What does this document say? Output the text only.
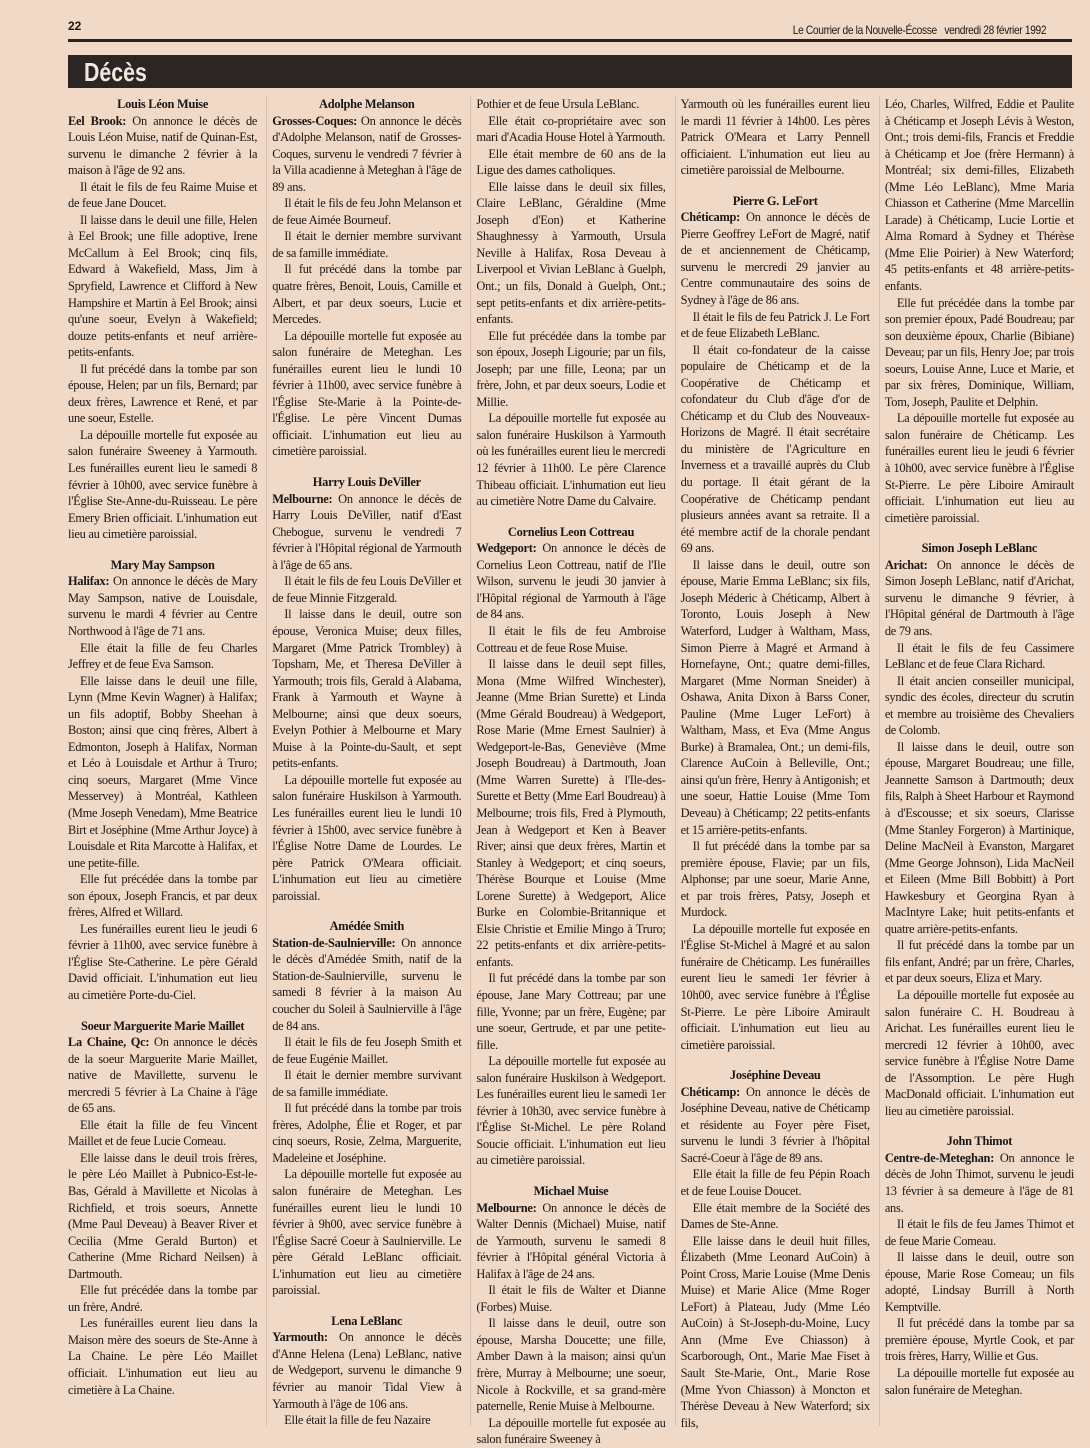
22	Le Courrier de la Nouvelle-Écosse vendredi 28 février 1992
Décès
Louis Léon Muise
Eel Brook: On annonce le décès de Louis Léon Muise, natif de Quinan-Est, survenu le dimanche 2 février à la maison à l'âge de 92 ans.
Il était le fils de feu Raime Muise et de feue Jane Doucet.
Il laisse dans le deuil une fille, Helen à Eel Brook; une fille adoptive, Irene McCallum à Eel Brook; cinq fils, Edward à Wakefield, Mass, Jim à Spryfield, Lawrence et Clifford à New Hampshire et Martin à Eel Brook; ainsi qu'une soeur, Evelyn à Wakefield; douze petits-enfants et neuf arrière-petits-enfants.
Il fut précédé dans la tombe par son épouse, Helen; par un fils, Bernard; par deux frères, Lawrence et René, et par une soeur, Estelle.
La dépouille mortelle fut exposée au salon funéraire Sweeney à Yarmouth. Les funérailles eurent lieu le samedi 8 février à 10h00, avec service funèbre à l'Église Ste-Anne-du-Ruisseau. Le père Emery Brien officiait. L'inhumation eut lieu au cimetière paroissial.
Mary May Sampson
Halifax: On annonce le décès de Mary May Sampson, native de Louisdale, survenu le mardi 4 février au Centre Northwood à l'âge de 71 ans.
Elle était la fille de feu Charles Jeffrey et de feue Eva Samson.
Elle laisse dans le deuil une fille, Lynn (Mme Kevin Wagner) à Halifax; un fils adoptif, Bobby Sheehan à Boston; ainsi que cinq frères, Albert à Edmonton, Joseph à Halifax, Norman et Léo à Louisdale et Arthur à Truro; cinq soeurs, Margaret (Mme Vince Messervey) à Montréal, Kathleen (Mme Joseph Venedam), Mme Beatrice Birt et Joséphine (Mme Arthur Joyce) à Louisdale et Rita Marcotte à Halifax, et une petite-fille.
Elle fut précédée dans la tombe par son époux, Joseph Francis, et par deux frères, Alfred et Willard.
Les funérailles eurent lieu le jeudi 6 février à 11h00, avec service funèbre à l'Église Ste-Catherine. Le père Gérald David officiait. L'inhumation eut lieu au cimetière Porte-du-Ciel.
Soeur Marguerite Marie Maillet
La Chaine, Qc: On annonce le décès de la soeur Marguerite Marie Maillet, native de Mavillette, survenu le mercredi 5 février à La Chaine à l'âge de 65 ans.
Elle était la fille de feu Vincent Maillet et de feue Lucie Comeau.
Elle laisse dans le deuil trois frères, le père Léo Maillet à Pubnico-Est-le-Bas, Gérald à Mavillette et Nicolas à Richfield, et trois soeurs, Annette (Mme Paul Deveau) à Beaver River et Cecilia (Mme Gerald Burton) et Catherine (Mme Richard Neilsen) à Dartmouth.
Elle fut précédée dans la tombe par un frère, André.
Les funérailles eurent lieu dans la Maison mère des soeurs de Ste-Anne à La Chaine. Le père Léo Maillet officiait. L'inhumation eut lieu au cimetière à La Chaine.
Adolphe Melanson
Grosses-Coques: On annonce le décès d'Adolphe Melanson, natif de Grosses-Coques, survenu le vendredi 7 février à la Villa acadienne à Meteghan à l'âge de 89 ans.
Il était le fils de feu John Melanson et de feue Aimée Bourneuf.
Il était le dernier membre survivant de sa famille immédiate.
Il fut précédé dans la tombe par quatre frères, Benoit, Louis, Camille et Albert, et par deux soeurs, Lucie et Mercedes.
La dépouille mortelle fut exposée au salon funéraire de Meteghan. Les funérailles eurent lieu le lundi 10 février à 11h00, avec service funèbre à l'Église Ste-Marie à la Pointe-de-l'Église. Le père Vincent Dumas officiait. L'inhumation eut lieu au cimetière paroissial.
Harry Louis DeViller
Melbourne: On annonce le décès de Harry Louis DeViller, natif d'East Chebogue, survenu le vendredi 7 février à l'Hôpital régional de Yarmouth à l'âge de 65 ans.
Il était le fils de feu Louis DeViller et de feue Minnie Fitzgerald.
Il laisse dans le deuil, outre son épouse, Veronica Muise; deux filles, Margaret (Mme Patrick Trombley) à Topsham, Me, et Theresa DeViller à Yarmouth; trois fils, Gerald à Alabama, Frank à Yarmouth et Wayne à Melbourne; ainsi que deux soeurs, Evelyn Pothier à Melbourne et Mary Muise à la Pointe-du-Sault, et sept petits-enfants.
La dépouille mortelle fut exposée au salon funéraire Huskilson à Yarmouth. Les funérailles eurent lieu le lundi 10 février à 15h00, avec service funèbre à l'Église Notre Dame de Lourdes. Le père Patrick O'Meara officiait. L'inhumation eut lieu au cimetière paroissial.
Amédée Smith
Station-de-Saulnierville: On annonce le décès d'Amédée Smith, natif de la Station-de-Saulnierville, survenu le samedi 8 février à la maison Au coucher du Soleil à Saulnierville à l'âge de 84 ans.
Il était le fils de feu Joseph Smith et de feue Eugénie Maillet.
Il était le dernier membre survivant de sa famille immédiate.
Il fut précédé dans la tombe par trois frères, Adolphe, Élie et Roger, et par cinq soeurs, Rosie, Zelma, Marguerite, Madeleine et Joséphine.
La dépouille mortelle fut exposée au salon funéraire de Meteghan. Les funérailles eurent lieu le lundi 10 février à 9h00, avec service funèbre à l'Église Sacré Coeur à Saulnierville. Le père Gérald LeBlanc officiait. L'inhumation eut lieu au cimetière paroissial.
Lena LeBlanc
Yarmouth: On annonce le décès d'Anne Helena (Lena) LeBlanc, native de Wedgeport, survenu le dimanche 9 février au manoir Tidal View à Yarmouth à l'âge de 106 ans.
Elle était la fille de feu Nazaire
Pothier et de feue Ursula LeBlanc.
Elle était co-propriétaire avec son mari d'Acadia House Hotel à Yarmouth.
Elle était membre de 60 ans de la Ligue des dames catholiques.
Elle laisse dans le deuil six filles, Claire LeBlanc, Géraldine (Mme Joseph d'Eon) et Katherine Shaughnessy à Yarmouth, Ursula Neville à Halifax, Rosa Deveau à Liverpool et Vivian LeBlanc à Guelph, Ont.; un fils, Donald à Guelph, Ont.; sept petits-enfants et dix arrière-petits-enfants.
Elle fut précédée dans la tombe par son époux, Joseph Ligourie; par un fils, Joseph; par une fille, Leona; par un frère, John, et par deux soeurs, Lodie et Millie.
La dépouille mortelle fut exposée au salon funéraire Huskilson à Yarmouth où les funérailles eurent lieu le mercredi 12 février à 11h00. Le père Clarence Thibeau officiait. L'inhumation eut lieu au cimetière Notre Dame du Calvaire.
Cornelius Leon Cottreau
Wedgeport: On annonce le décès de Cornelius Leon Cottreau, natif de l'Ile Wilson, survenu le jeudi 30 janvier à l'Hôpital régional de Yarmouth à l'âge de 84 ans.
Il était le fils de feu Ambroise Cottreau et de feue Rose Muise.
Il laisse dans le deuil sept filles, Mona (Mme Wilfred Winchester), Jeanne (Mme Brian Surette) et Linda (Mme Gérald Boudreau) à Wedgeport, Rose Marie (Mme Ernest Saulnier) à Wedgeport-le-Bas, Geneviève (Mme Joseph Boudreau) à Dartmouth, Joan (Mme Warren Surette) à l'Ile-des-Surette et Betty (Mme Earl Boudreau) à Melbourne; trois fils, Fred à Plymouth, Jean à Wedgeport et Ken à Beaver River; ainsi que deux frères, Martin et Stanley à Wedgeport; et cinq soeurs, Thérèse Bourque et Louise (Mme Lorene Surette) à Wedgeport, Alice Burke en Colombie-Britannique et Elsie Christie et Emilie Mingo à Truro; 22 petits-enfants et dix arrière-petits-enfants.
Il fut précédé dans la tombe par son épouse, Jane Mary Cottreau; par une fille, Yvonne; par un frère, Eugène; par une soeur, Gertrude, et par une petite-fille.
La dépouille mortelle fut exposée au salon funéraire Huskilson à Wedgeport. Les funérailles eurent lieu le samedi 1er février à 10h30, avec service funèbre à l'Église St-Michel. Le père Roland Soucie officiait. L'inhumation eut lieu au cimetière paroissial.
Michael Muise
Melbourne: On annonce le décès de Walter Dennis (Michael) Muise, natif de Yarmouth, survenu le samedi 8 février à l'Hôpital général Victoria à Halifax à l'âge de 24 ans.
Il était le fils de Walter et Dianne (Forbes) Muise.
Il laisse dans le deuil, outre son épouse, Marsha Doucette; une fille, Amber Dawn à la maison; ainsi qu'un frère, Murray à Melbourne; une soeur, Nicole à Rockville, et sa grand-mère paternelle, Renie Muise à Melbourne.
La dépouille mortelle fut exposée au salon funéraire Sweeney à
Yarmouth où les funérailles eurent lieu le mardi 11 février à 14h00. Les pères Patrick O'Meara et Larry Pennell officiaient. L'inhumation eut lieu au cimetière paroissial de Melbourne.
Pierre G. LeFort
Chéticamp: On annonce le décès de Pierre Geoffrey LeFort de Magré, natif de et anciennement de Chéticamp, survenu le mercredi 29 janvier au Centre communautaire des soins de Sydney à l'âge de 86 ans.
Il était le fils de feu Patrick J. Le Fort et de feue Elizabeth LeBlanc.
Il était co-fondateur de la caisse populaire de Chéticamp et de la Coopérative de Chéticamp et cofondateur du Club d'âge d'or de Chéticamp et du Club des Nouveaux-Horizons de Magré. Il était secrétaire du ministère de l'Agriculture en Inverness et a travaillé auprès du Club du portage. Il était gérant de la Coopérative de Chéticamp pendant plusieurs années avant sa retraite. Il a été membre actif de la chorale pendant 69 ans.
Il laisse dans le deuil, outre son épouse, Marie Emma LeBlanc; six fils, Joseph Méderic à Chéticamp, Albert à Toronto, Louis Joseph à New Waterford, Ludger à Waltham, Mass, Simon Pierre à Magré et Armand à Hornefayne, Ont.; quatre demi-filles, Margaret (Mme Norman Sneider) à Oshawa, Anita Dixon à Barss Coner, Pauline (Mme Luger LeFort) à Waltham, Mass, et Eva (Mme Angus Burke) à Bramalea, Ont.; un demi-fils, Clarence AuCoin à Belleville, Ont.; ainsi qu'un frère, Henry à Antigonish; et une soeur, Hattie Louise (Mme Tom Deveau) à Chéticamp; 22 petits-enfants et 15 arrière-petits-enfants.
Il fut précédé dans la tombe par sa première épouse, Flavie; par un fils, Alphonse; par une soeur, Marie Anne, et par trois frères, Patsy, Joseph et Murdock.
La dépouille mortelle fut exposée en l'Église St-Michel à Magré et au salon funéraire de Chéticamp. Les funérailles eurent lieu le samedi 1er février à 10h00, avec service funèbre à l'Église St-Pierre. Le père Liboire Amirault officiait. L'inhumation eut lieu au cimetière paroissial.
Joséphine Deveau
Chéticamp: On annonce le décès de Joséphine Deveau, native de Chéticamp et résidente au Foyer père Fiset, survenu le lundi 3 février à l'hôpital Sacré-Coeur à l'âge de 89 ans.
Elle était la fille de feu Pépin Roach et de feue Louise Doucet.
Elle était membre de la Société des Dames de Ste-Anne.
Elle laisse dans le deuil huit filles, Élizabeth (Mme Leonard AuCoin) à Point Cross, Marie Louise (Mme Denis Muise) et Marie Alice (Mme Roger LeFort) à Plateau, Judy (Mme Léo AuCoin) à St-Joseph-du-Moine, Lucy Ann (Mme Eve Chiasson) à Scarborough, Ont., Marie Mae Fiset à Sault Ste-Marie, Ont., Marie Rose (Mme Yvon Chiasson) à Moncton et Thérèse Deveau à New Waterford; six fils,
Léo, Charles, Wilfred, Eddie et Paulite à Chéticamp et Joseph Lévis à Weston, Ont.; trois demi-fils, Francis et Freddie à Chéticamp et Joe (frère Hermann) à Montréal; six demi-filles, Elizabeth (Mme Léo LeBlanc), Mme Maria Chiasson et Catherine (Mme Marcellin Larade) à Chéticamp, Lucie Lortie et Alma Romard à Sydney et Thérèse (Mme Elie Poirier) à New Waterford; 45 petits-enfants et 48 arrière-petits-enfants.
Elle fut précédée dans la tombe par son premier époux, Padé Boudreau; par son deuxième époux, Charlie (Bibiane) Deveau; par un fils, Henry Joe; par trois soeurs, Louise Anne, Luce et Marie, et par six frères, Dominique, William, Tom, Joseph, Paulite et Delphin.
La dépouille mortelle fut exposée au salon funéraire de Chéticamp. Les funérailles eurent lieu le jeudi 6 février à 10h00, avec service funèbre à l'Église St-Pierre. Le père Liboire Amirault officiait. L'inhumation eut lieu au cimetière paroissial.
Simon Joseph LeBlanc
Arichat: On annonce le décès de Simon Joseph LeBlanc, natif d'Arichat, survenu le dimanche 9 février, à l'Hôpital général de Dartmouth à l'âge de 79 ans.
Il était le fils de feu Cassimere LeBlanc et de feue Clara Richard.
Il était ancien conseiller municipal, syndic des écoles, directeur du scrutin et membre au troisième des Chevaliers de Colomb.
Il laisse dans le deuil, outre son épouse, Margaret Boudreau; une fille, Jeannette Samson à Dartmouth; deux fils, Ralph à Sheet Harbour et Raymond à d'Escousse; et six soeurs, Clarisse (Mme Stanley Forgeron) à Martinique, Deline MacNeil à Evanston, Margaret (Mme George Johnson), Lida MacNeil et Eileen (Mme Bill Bobbitt) à Port Hawkesbury et Georgina Ryan à MacIntyre Lake; huit petits-enfants et quatre arrière-petits-enfants.
Il fut précédé dans la tombe par un fils enfant, André; par un frère, Charles, et par deux soeurs, Eliza et Mary.
La dépouille mortelle fut exposée au salon funéraire C. H. Boudreau à Arichat. Les funérailles eurent lieu le mercredi 12 février à 10h00, avec service funèbre à l'Église Notre Dame de l'Assomption. Le père Hugh MacDonald officiait. L'inhumation eut lieu au cimetière paroissial.
John Thimot
Centre-de-Meteghan: On annonce le décès de John Thimot, survenu le jeudi 13 février à sa demeure à l'âge de 81 ans.
Il était le fils de feu James Thimot et de feue Marie Comeau.
Il laisse dans le deuil, outre son épouse, Marie Rose Comeau; un fils adopté, Lindsay Burrill à North Kemptville.
Il fut précédé dans la tombe par sa première épouse, Myrtle Cook, et par trois frères, Harry, Willie et Gus.
La dépouille mortelle fut exposée au salon funéraire de Meteghan.
